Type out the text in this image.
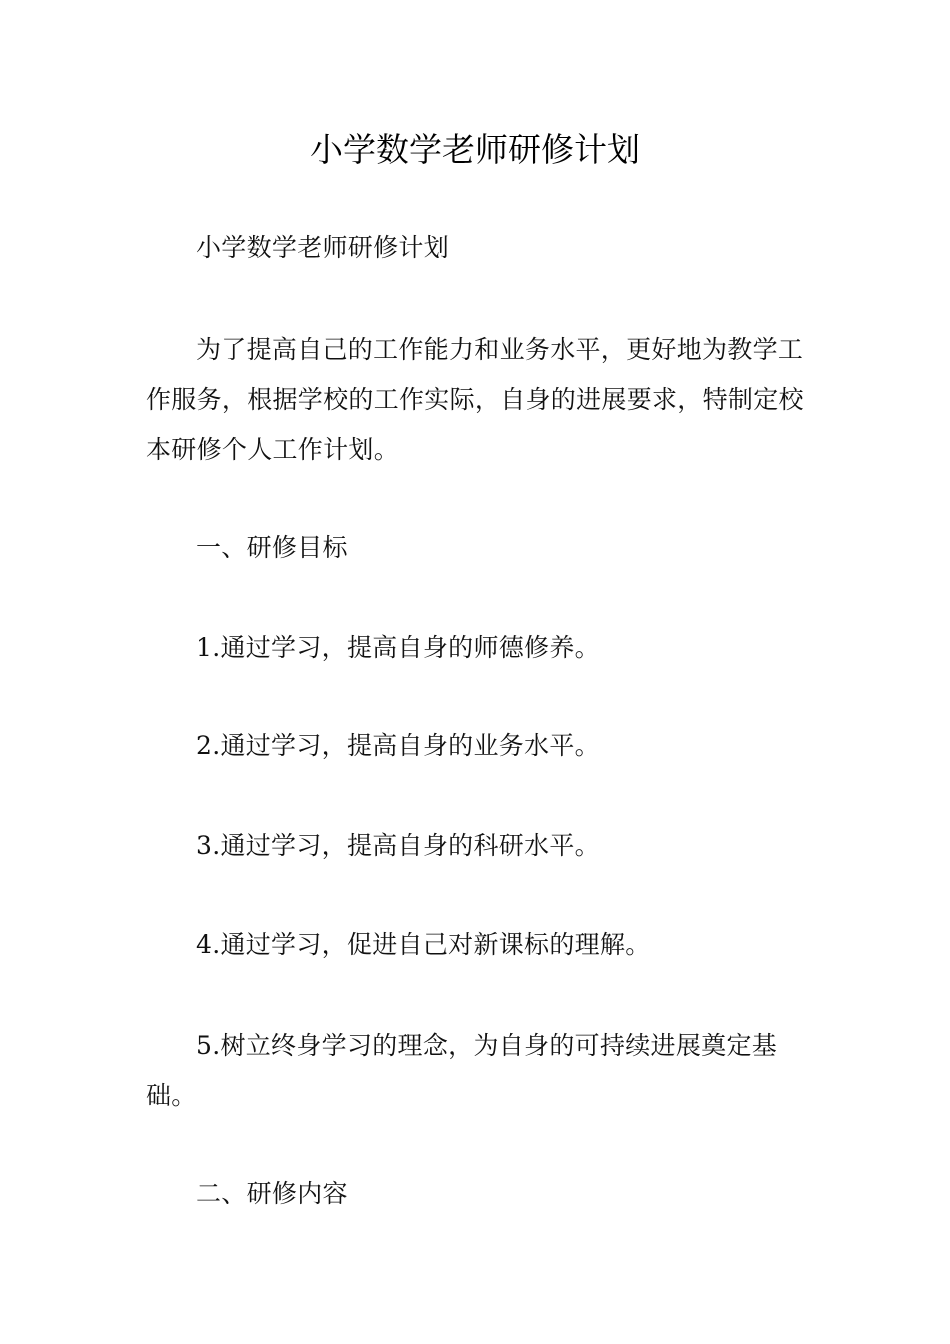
小学数学老师研修计划

小学数学老师研修计划

为了提高自己的工作能力和业务水平，更好地为教学工作服务，根据学校的工作实际，自身的进展要求，特制定校本研修个人工作计划。

一、研修目标

1.通过学习，提高自身的师德修养。

2.通过学习，提高自身的业务水平。

3.通过学习，提高自身的科研水平。

4.通过学习，促进自己对新课标的理解。

5.树立终身学习的理念，为自身的可持续进展奠定基础。

二、研修内容
